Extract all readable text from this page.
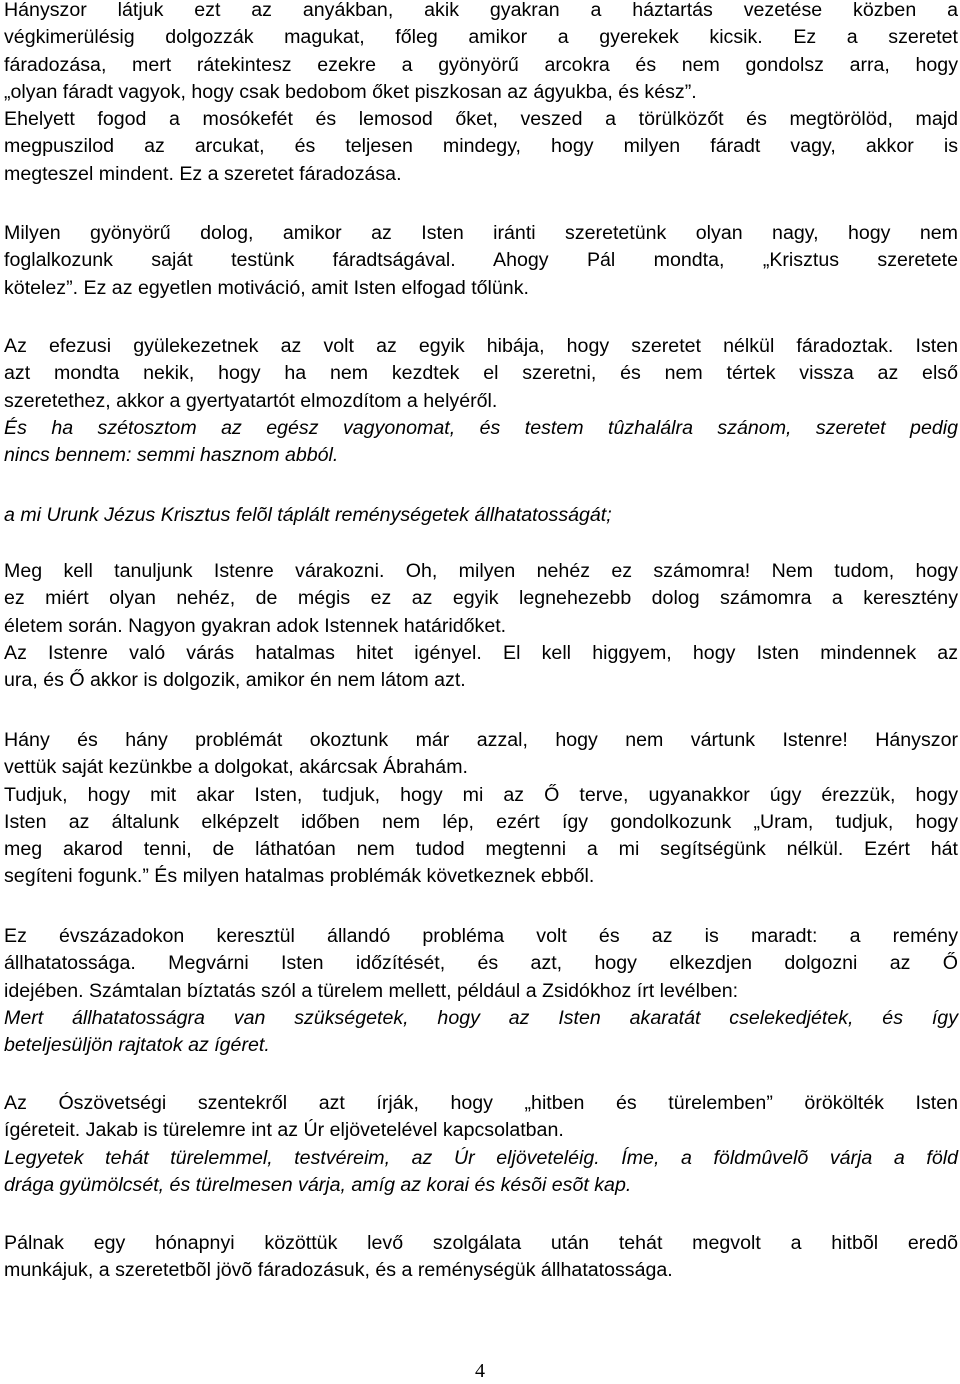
Hányszor látjuk ezt az anyákban, akik gyakran a háztartás vezetése közben a
végkimerülésig dolgozzák magukat, főleg amikor a gyerekek kicsik. Ez a szeretet
fáradozása, mert rátekintesz ezekre a gyönyörű arcokra és nem gondolsz arra, hogy
„olyan fáradt vagyok, hogy csak bedobom őket piszkosan az ágyukba, és kész”.
Ehelyett fogod a mosókefét és lemosod őket, veszed a törülközőt és megtörölöd, majd
megpuszilod az arcukat, és teljesen mindegy, hogy milyen fáradt vagy, akkor is
megteszel mindent. Ez a szeretet fáradozása.

Milyen gyönyörű dolog, amikor az Isten iránti szeretetünk olyan nagy, hogy nem
foglalkozunk saját testünk fáradtságával. Ahogy Pál mondta, „Krisztus szeretete
kötelez”. Ez az egyetlen motiváció, amit Isten elfogad tőlünk.

Az efezusi gyülekezetnek az volt az egyik hibája, hogy szeretet nélkül fáradoztak. Isten
azt mondta nekik, hogy ha nem kezdtek el szeretni, és nem tértek vissza az első
szeretethez, akkor a gyertyatartót elmozdítom a helyéről.
És ha szétosztom az egész vagyonomat, és testem tûzhalálra szánom, szeretet pedig
nincs bennem: semmi hasznom abból.

a mi Urunk Jézus Krisztus felõl táplált reménységetek állhatatosságát;

Meg kell tanuljunk Istenre várakozni. Oh, milyen nehéz ez számomra! Nem tudom, hogy
ez miért olyan nehéz, de mégis ez az egyik legnehezebb dolog számomra a keresztény
életem során. Nagyon gyakran adok Istennek határidőket.
Az Istenre való várás hatalmas hitet igényel. El kell higgyem, hogy Isten mindennek az
ura, és Ő akkor is dolgozik, amikor én nem látom azt.

Hány és hány problémát okoztunk már azzal, hogy nem vártunk Istenre! Hányszor
vettük saját kezünkbe a dolgokat, akárcsak Ábrahám.
Tudjuk, hogy mit akar Isten, tudjuk, hogy mi az Ő terve, ugyanakkor úgy érezzük, hogy
Isten az általunk elképzelt időben nem lép, ezért így gondolkozunk „Uram, tudjuk, hogy
meg akarod tenni, de láthatóan nem tudod megtenni a mi segítségünk nélkül. Ezért hát
segíteni fogunk.” És milyen hatalmas problémák következnek ebből.

Ez évszázadokon keresztül állandó probléma volt és az is maradt: a remény
állhatatossága. Megvárni Isten időzítését, és azt, hogy elkezdjen dolgozni az Ő
idejében. Számtalan bíztatás szól a türelem mellett, például a Zsidókhoz írt levélben:
Mert állhatatosságra van szükségetek, hogy az Isten akaratát cselekedjétek, és így
beteljesüljön rajtatok az ígéret.

Az Ószövetségi szentekről azt írják, hogy „hitben és türelemben” örökölték Isten
ígéreteit. Jakab is türelemre int az Úr eljövetelével kapcsolatban.
Legyetek tehát türelemmel, testvéreim, az Úr eljöveteléig. Íme, a földmûvelõ várja a föld
drága gyümölcsét, és türelmesen várja, amíg az korai és késõi esõt kap.

Pálnak egy hónapnyi közöttük levő szolgálata után tehát megvolt a hitbõl eredõ
munkájuk, a szeretetbõl jövõ fáradozásuk, és a reménységük állhatatossága.

4
